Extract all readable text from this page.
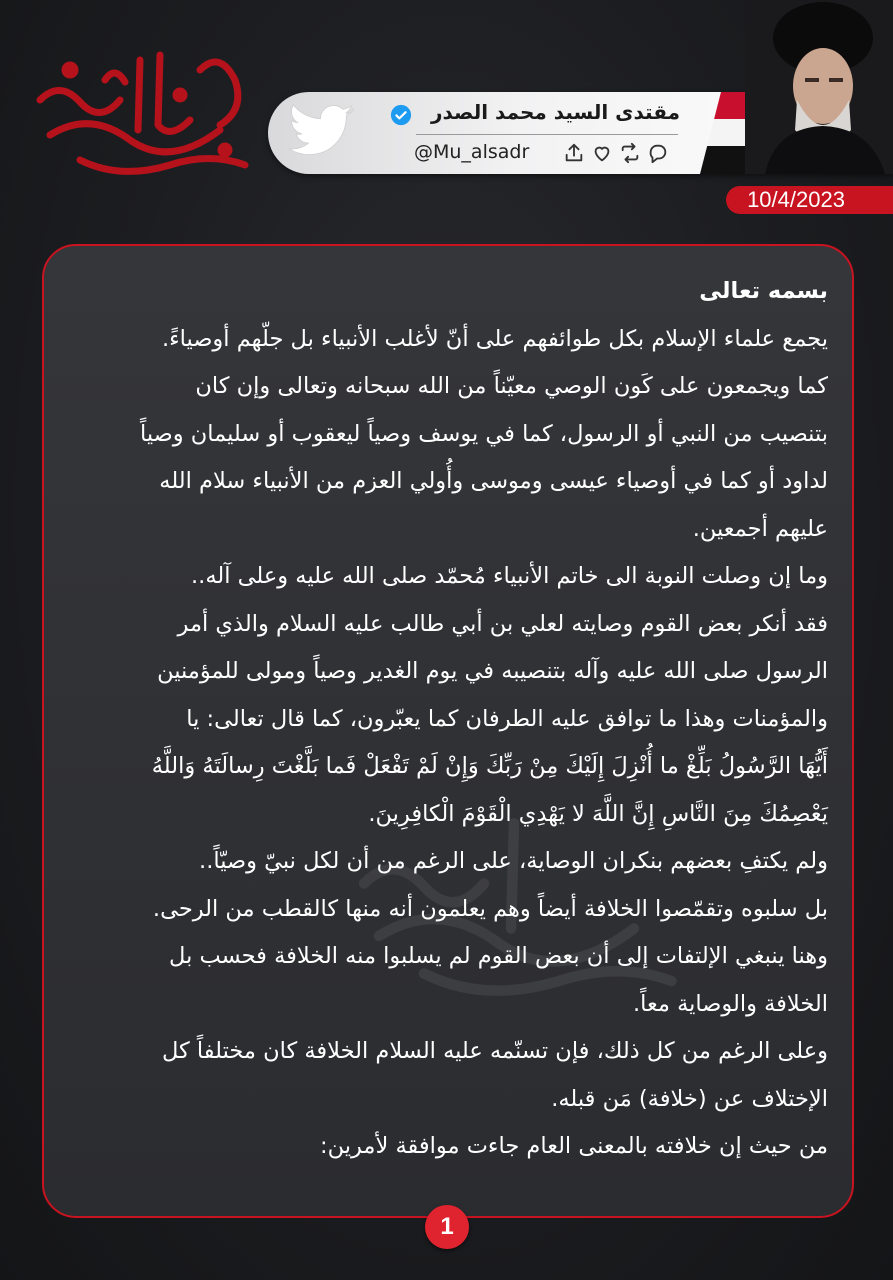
مقتدى السيد محمد الصدر
@Mu_alsadr
10/4/2023

بسمه تعالى

يجمع علماء الإسلام بكل طوائفهم على أنّ لأغلب الأنبياء بل جلّهم أوصياءً.

كما ويجمعون على كَون الوصي معيّناً من الله سبحانه وتعالى وإن كان

بتنصيب من النبي أو الرسول، كما في يوسف وصياً ليعقوب أو سليمان وصياً

لداود أو كما في أوصياء عيسى وموسى وأُولي العزم من الأنبياء سلام الله

عليهم أجمعين.

وما إن وصلت النوبة الى خاتم الأنبياء مُحمّد صلى الله عليه وعلى آله..

فقد أنكر بعض القوم وصايته لعلي بن أبي طالب عليه السلام والذي أمر

الرسول صلى الله عليه وآله بتنصيبه في يوم الغدير وصياً ومولى للمؤمنين

والمؤمنات وهذا ما توافق عليه الطرفان كما يعبّرون، كما قال تعالى: يا

أَيُّهَا الرَّسُولُ بَلِّغْ ما أُنْزِلَ إِلَيْكَ مِنْ رَبِّكَ وَإِنْ لَمْ تَفْعَلْ فَما بَلَّغْتَ رِسالَتَهُ وَاللَّهُ

يَعْصِمُكَ مِنَ النَّاسِ إِنَّ اللَّهَ لا يَهْدِي الْقَوْمَ الْكافِرِينَ.

ولم يكتفِ بعضهم بنكران الوصاية، على الرغم من أن لكل نبيّ وصيّاً..

بل سلبوه وتقمّصوا الخلافة أيضاً وهم يعلمون أنه منها كالقطب من الرحى.

وهنا ينبغي الإلتفات إلى أن بعض القوم لم يسلبوا منه الخلافة فحسب بل

الخلافة والوصاية معاً.

وعلى الرغم من كل ذلك، فإن تسنّمه عليه السلام الخلافة كان مختلفاً كل

الإختلاف عن (خلافة) مَن قبله.

من حيث إن خلافته بالمعنى العام جاءت موافقة لأمرين:

1
